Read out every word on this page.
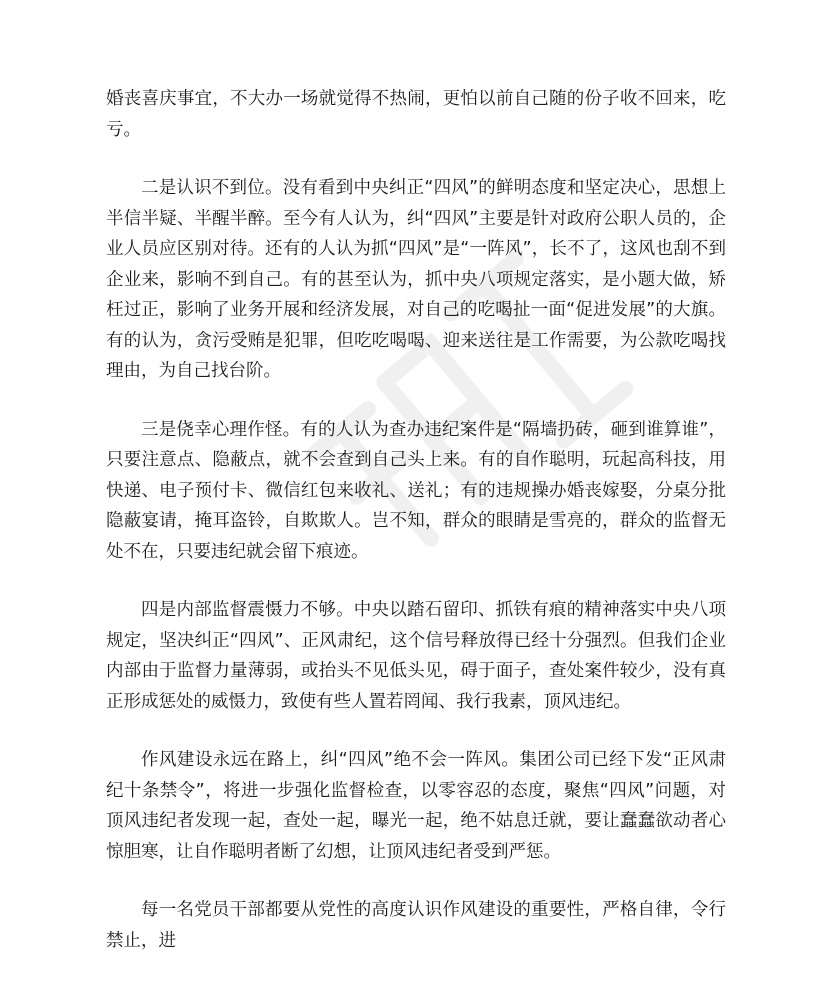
婚丧喜庆事宜，不大办一场就觉得不热闹，更怕以前自己随的份子收不回来，吃亏。

二是认识不到位。没有看到中央纠正“四风”的鲜明态度和坚定决心，思想上半信半疑、半醒半醉。至今有人认为，纠“四风”主要是针对政府公职人员的，企业人员应区别对待。还有的人认为抓“四风”是“一阵风”，长不了，这风也刮不到企业来，影响不到自己。有的甚至认为，抓中央八项规定落实，是小题大做，矫枉过正，影响了业务开展和经济发展，对自己的吃喝扯一面“促进发展”的大旗。有的认为，贪污受贿是犯罪，但吃吃喝喝、迎来送往是工作需要，为公款吃喝找理由，为自己找台阶。

三是侥幸心理作怪。有的人认为查办违纪案件是“隔墙扔砖，砸到谁算谁”，只要注意点、隐蔽点，就不会查到自己头上来。有的自作聪明，玩起高科技，用快递、电子预付卡、微信红包来收礼、送礼；有的违规操办婚丧嫁娶，分桌分批隐蔽宴请，掩耳盗铃，自欺欺人。岂不知，群众的眼睛是雪亮的，群众的监督无处不在，只要违纪就会留下痕迹。

四是内部监督震慑力不够。中央以踏石留印、抓铁有痕的精神落实中央八项规定，坚决纠正“四风”、正风肃纪，这个信号释放得已经十分强烈。但我们企业内部由于监督力量薄弱，或抬头不见低头见，碍于面子，查处案件较少，没有真正形成惩处的威慑力，致使有些人置若罔闻、我行我素，顶风违纪。

作风建设永远在路上，纠“四风”绝不会一阵风。集团公司已经下发“正风肃纪十条禁令”，将进一步强化监督检查，以零容忍的态度，聚焦“四风”问题，对顶风违纪者发现一起，查处一起，曝光一起，绝不姑息迁就，要让蠢蠢欲动者心惊胆寒，让自作聪明者断了幻想，让顶风违纪者受到严惩。

每一名党员干部都要从党性的高度认识作风建设的重要性，严格自律，令行禁止，进
